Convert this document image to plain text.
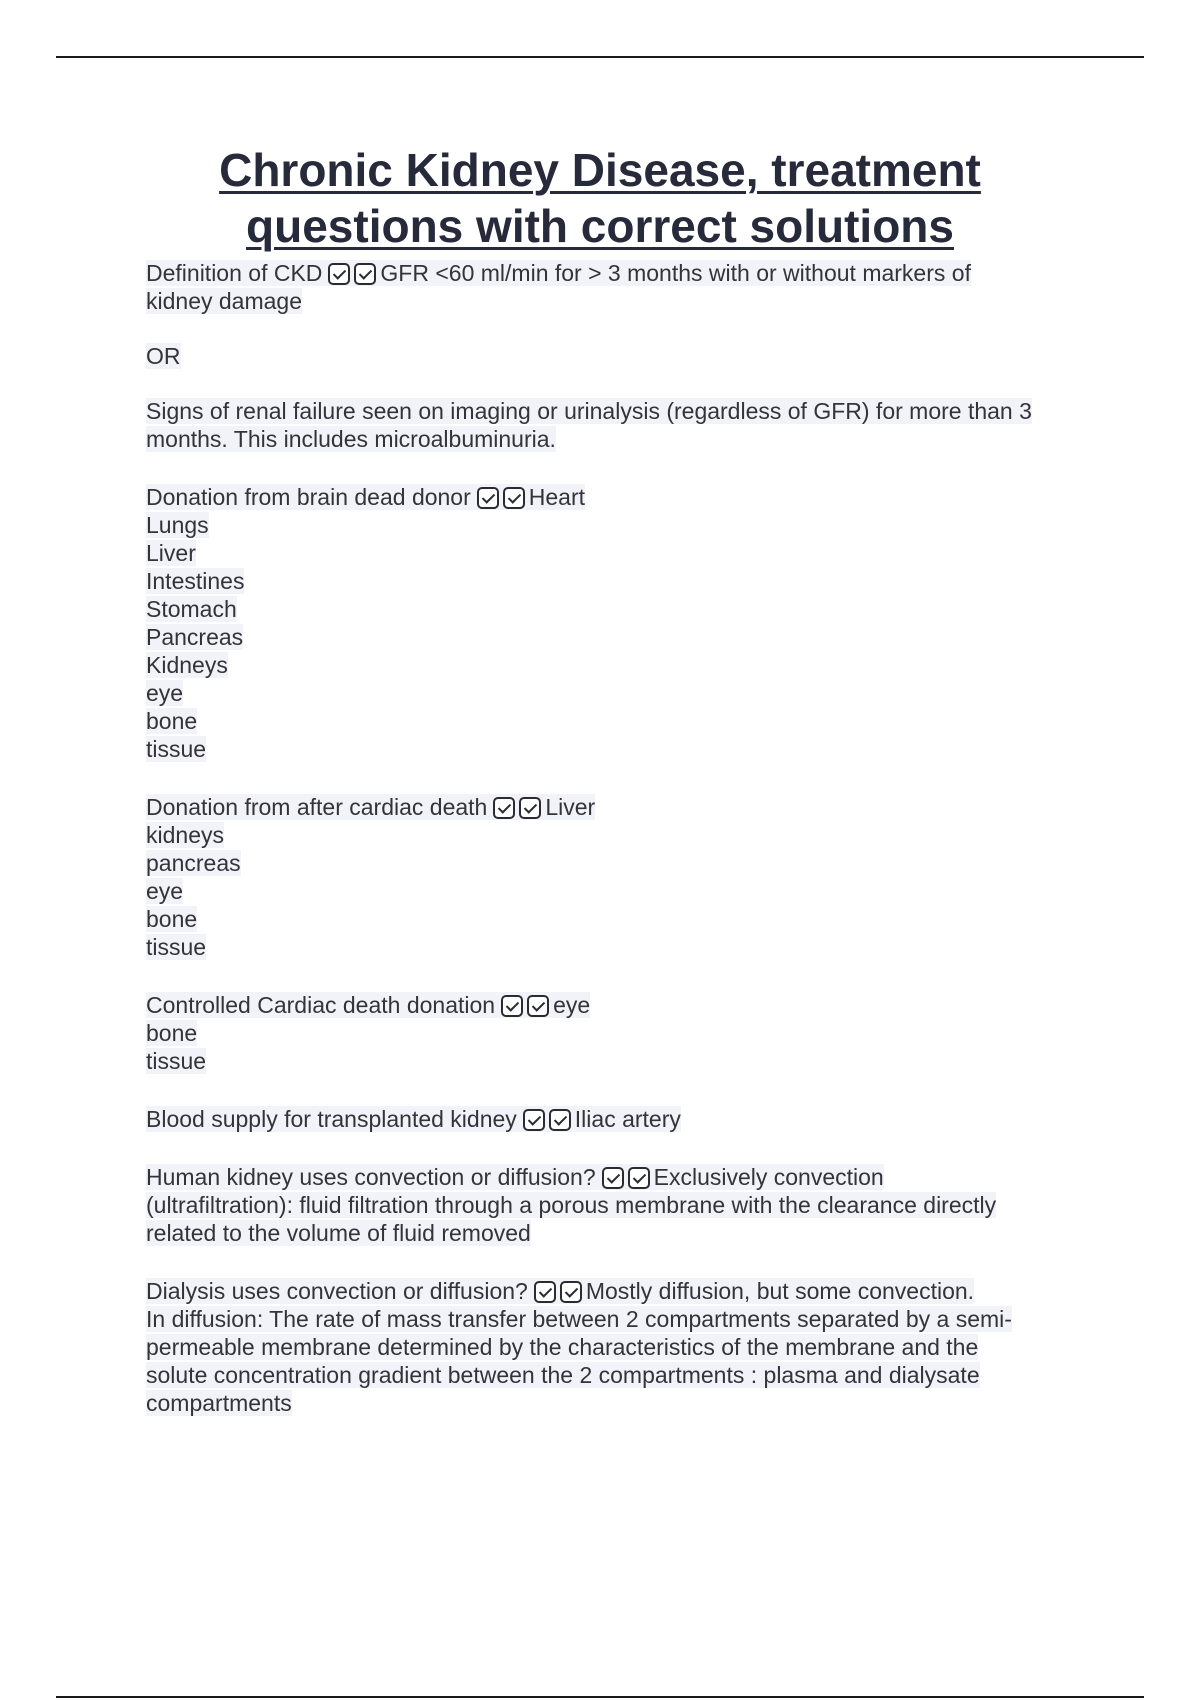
Chronic Kidney Disease, treatment
questions with correct solutions
Definition of CKD	GFR <60 ml/min for > 3 months with or without markers of
kidney damage
OR
Signs of renal failure seen on imaging or urinalysis (regardless of GFR) for more than 3
months. This includes microalbuminuria.
Donation from brain dead donor	Heart
Lungs
Liver
Intestines
Stomach
Pancreas
Kidneys
eye
bone
tissue
Donation from after cardiac death	Liver
kidneys
pancreas
eye
bone
tissue
Controlled Cardiac death donation	eye
bone
tissue
Blood supply for transplanted kidney	Iliac artery
Human kidney uses convection or diffusion?	Exclusively convection
(ultrafiltration): fluid filtration through a porous membrane with the clearance directly
related to the volume of fluid removed
Dialysis uses convection or diffusion?	Mostly diffusion, but some convection.
In diffusion: The rate of mass transfer between 2 compartments separated by a semi-
permeable membrane determined by the characteristics of the membrane and the
solute concentration gradient between the 2 compartments : plasma and dialysate
compartments
